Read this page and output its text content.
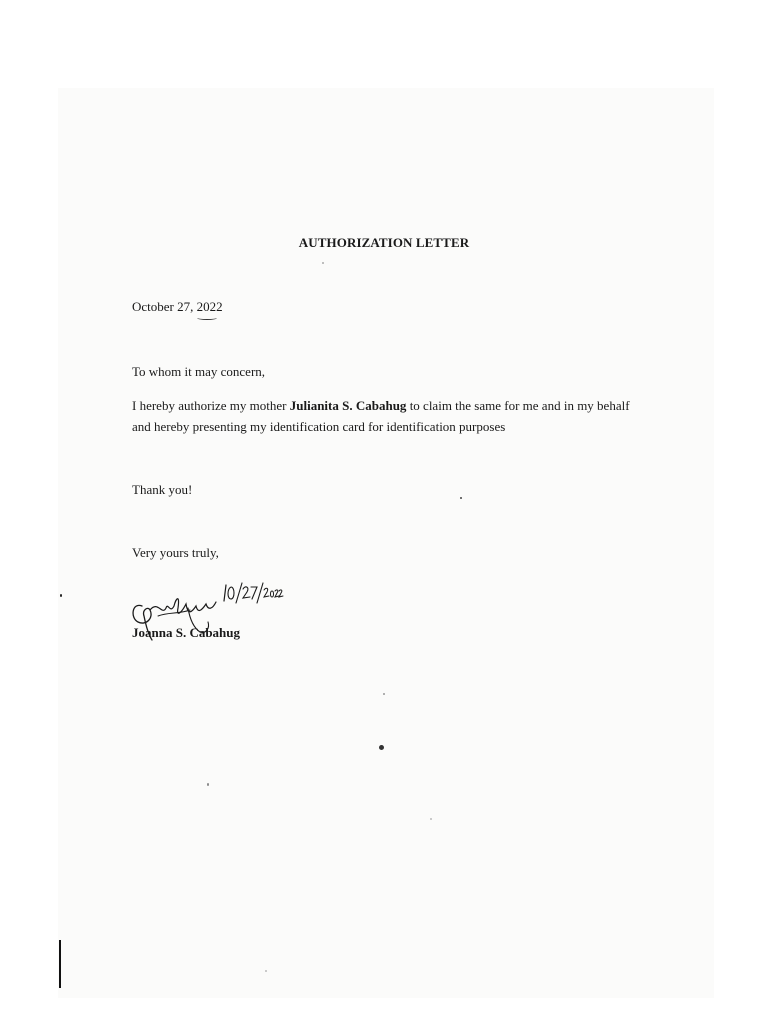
AUTHORIZATION LETTER
October 27, 2022
To whom it may concern,
I hereby authorize my mother Julianita S. Cabahug to claim the same for me and in my behalf
and hereby presenting my identification card for identification purposes
Thank you!
Very yours truly,
Joanna S. Cabahug
